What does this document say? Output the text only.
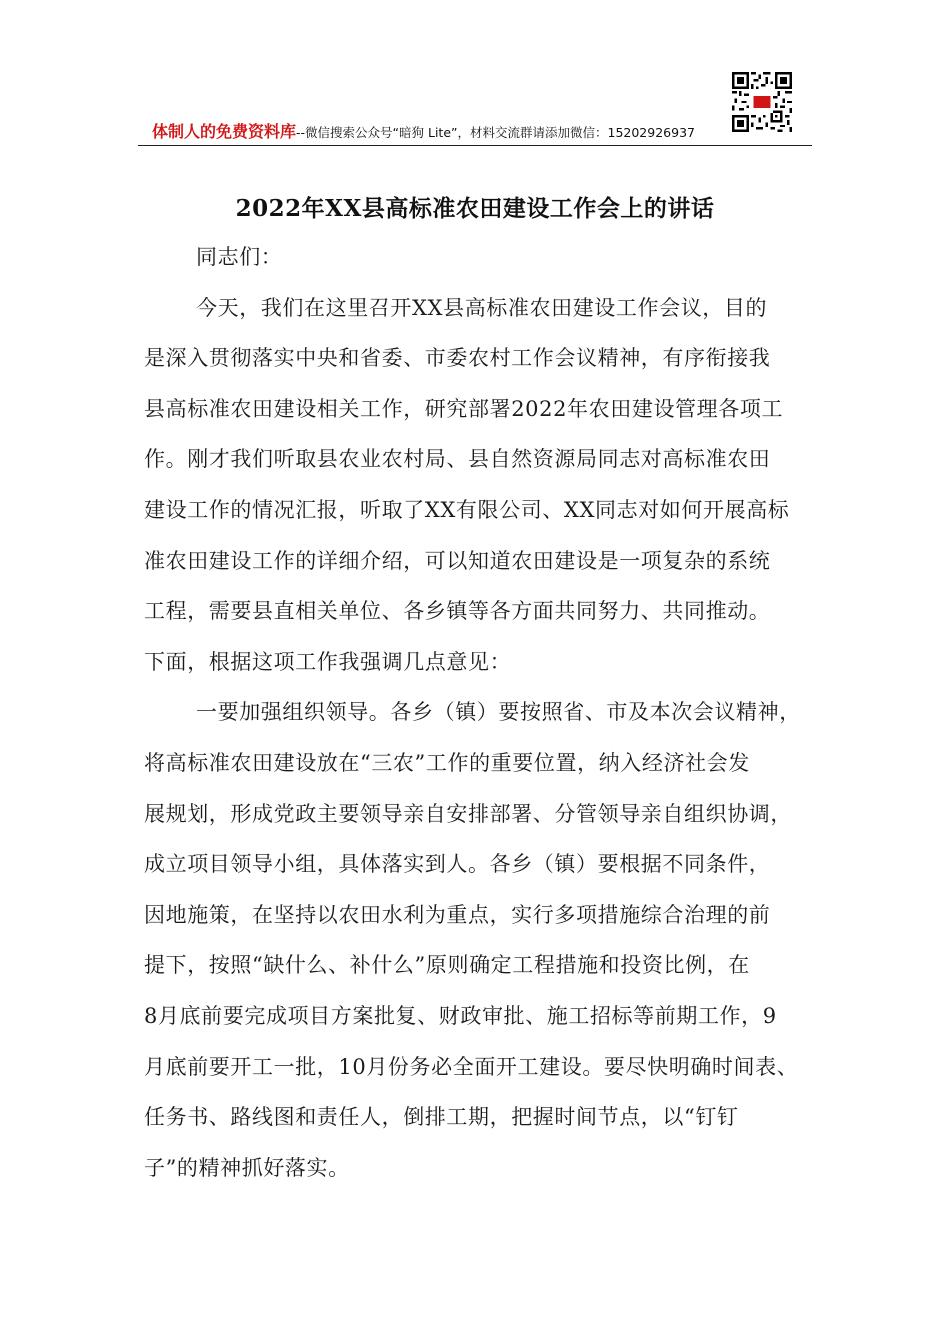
体制人的免费资料库--微信搜索公众号“暗狗 Lite”，材料交流群请添加微信：15202926937
2022年XX县高标准农田建设工作会上的讲话
同志们：
今天，我们在这里召开XX县高标准农田建设工作会议，目的
是深入贯彻落实中央和省委、市委农村工作会议精神，有序衔接我
县高标准农田建设相关工作，研究部署2022年农田建设管理各项工
作。刚才我们听取县农业农村局、县自然资源局同志对高标准农田
建设工作的情况汇报，听取了XX有限公司、XX同志对如何开展高标
准农田建设工作的详细介绍，可以知道农田建设是一项复杂的系统
工程，需要县直相关单位、各乡镇等各方面共同努力、共同推动。
下面，根据这项工作我强调几点意见：
一要加强组织领导。各乡（镇）要按照省、市及本次会议精神，
将高标准农田建设放在“三农”工作的重要位置，纳入经济社会发
展规划，形成党政主要领导亲自安排部署、分管领导亲自组织协调，
成立项目领导小组，具体落实到人。各乡（镇）要根据不同条件，
因地施策，在坚持以农田水利为重点，实行多项措施综合治理的前
提下，按照“缺什么、补什么”原则确定工程措施和投资比例，在
8月底前要完成项目方案批复、财政审批、施工招标等前期工作，9
月底前要开工一批，10月份务必全面开工建设。要尽快明确时间表、
任务书、路线图和责任人，倒排工期，把握时间节点，以“钉钉
子”的精神抓好落实。
